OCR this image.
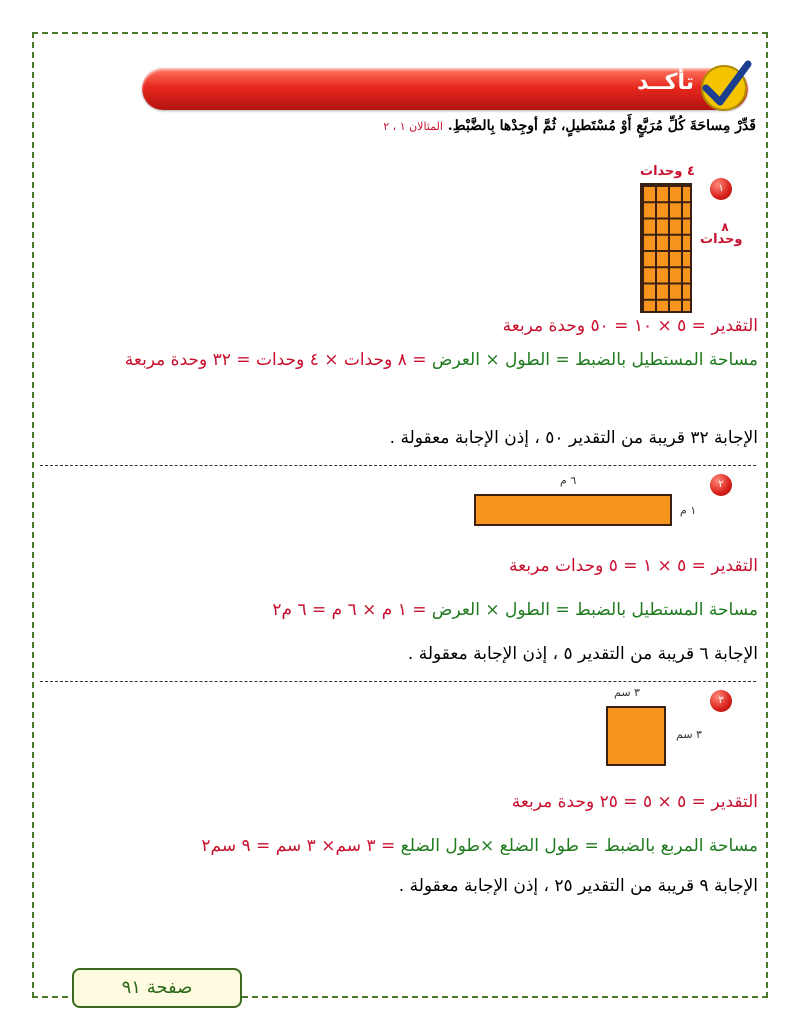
تأكــد
قَدِّرْ مِساحَةَ كُلِّ مُرَبَّعٍ أَوْ مُسْتَطيلٍ، ثُمَّ أوجِدْها بِالضَّبْطِ. المثالان ١ ، ٢
١
٤ وحدات
٨
وحدات
التقدير = ٥ × ١٠ = ٥٠ وحدة مربعة
مساحة المستطيل بالضبط = الطول × العرض = ٨ وحدات × ٤ وحدات = ٣٢ وحدة مربعة
الإجابة ٣٢ قريبة من التقدير ٥٠ ، إذن الإجابة معقولة .
٢
٦ م
١ م
التقدير = ٥ × ١ = ٥ وحدات مربعة
مساحة المستطيل بالضبط = الطول × العرض = ١ م × ٦ م = ٦ م٢
الإجابة ٦ قريبة من التقدير ٥ ، إذن الإجابة معقولة .
٣
٣ سم
٣ سم
التقدير = ٥ × ٥ = ٢٥ وحدة مربعة
مساحة المربع بالضبط = طول الضلع ×طول الضلع = ٣ سم× ٣ سم = ٩ سم٢
الإجابة ٩ قريبة من التقدير ٢٥ ، إذن الإجابة معقولة .
صفحة ٩١
